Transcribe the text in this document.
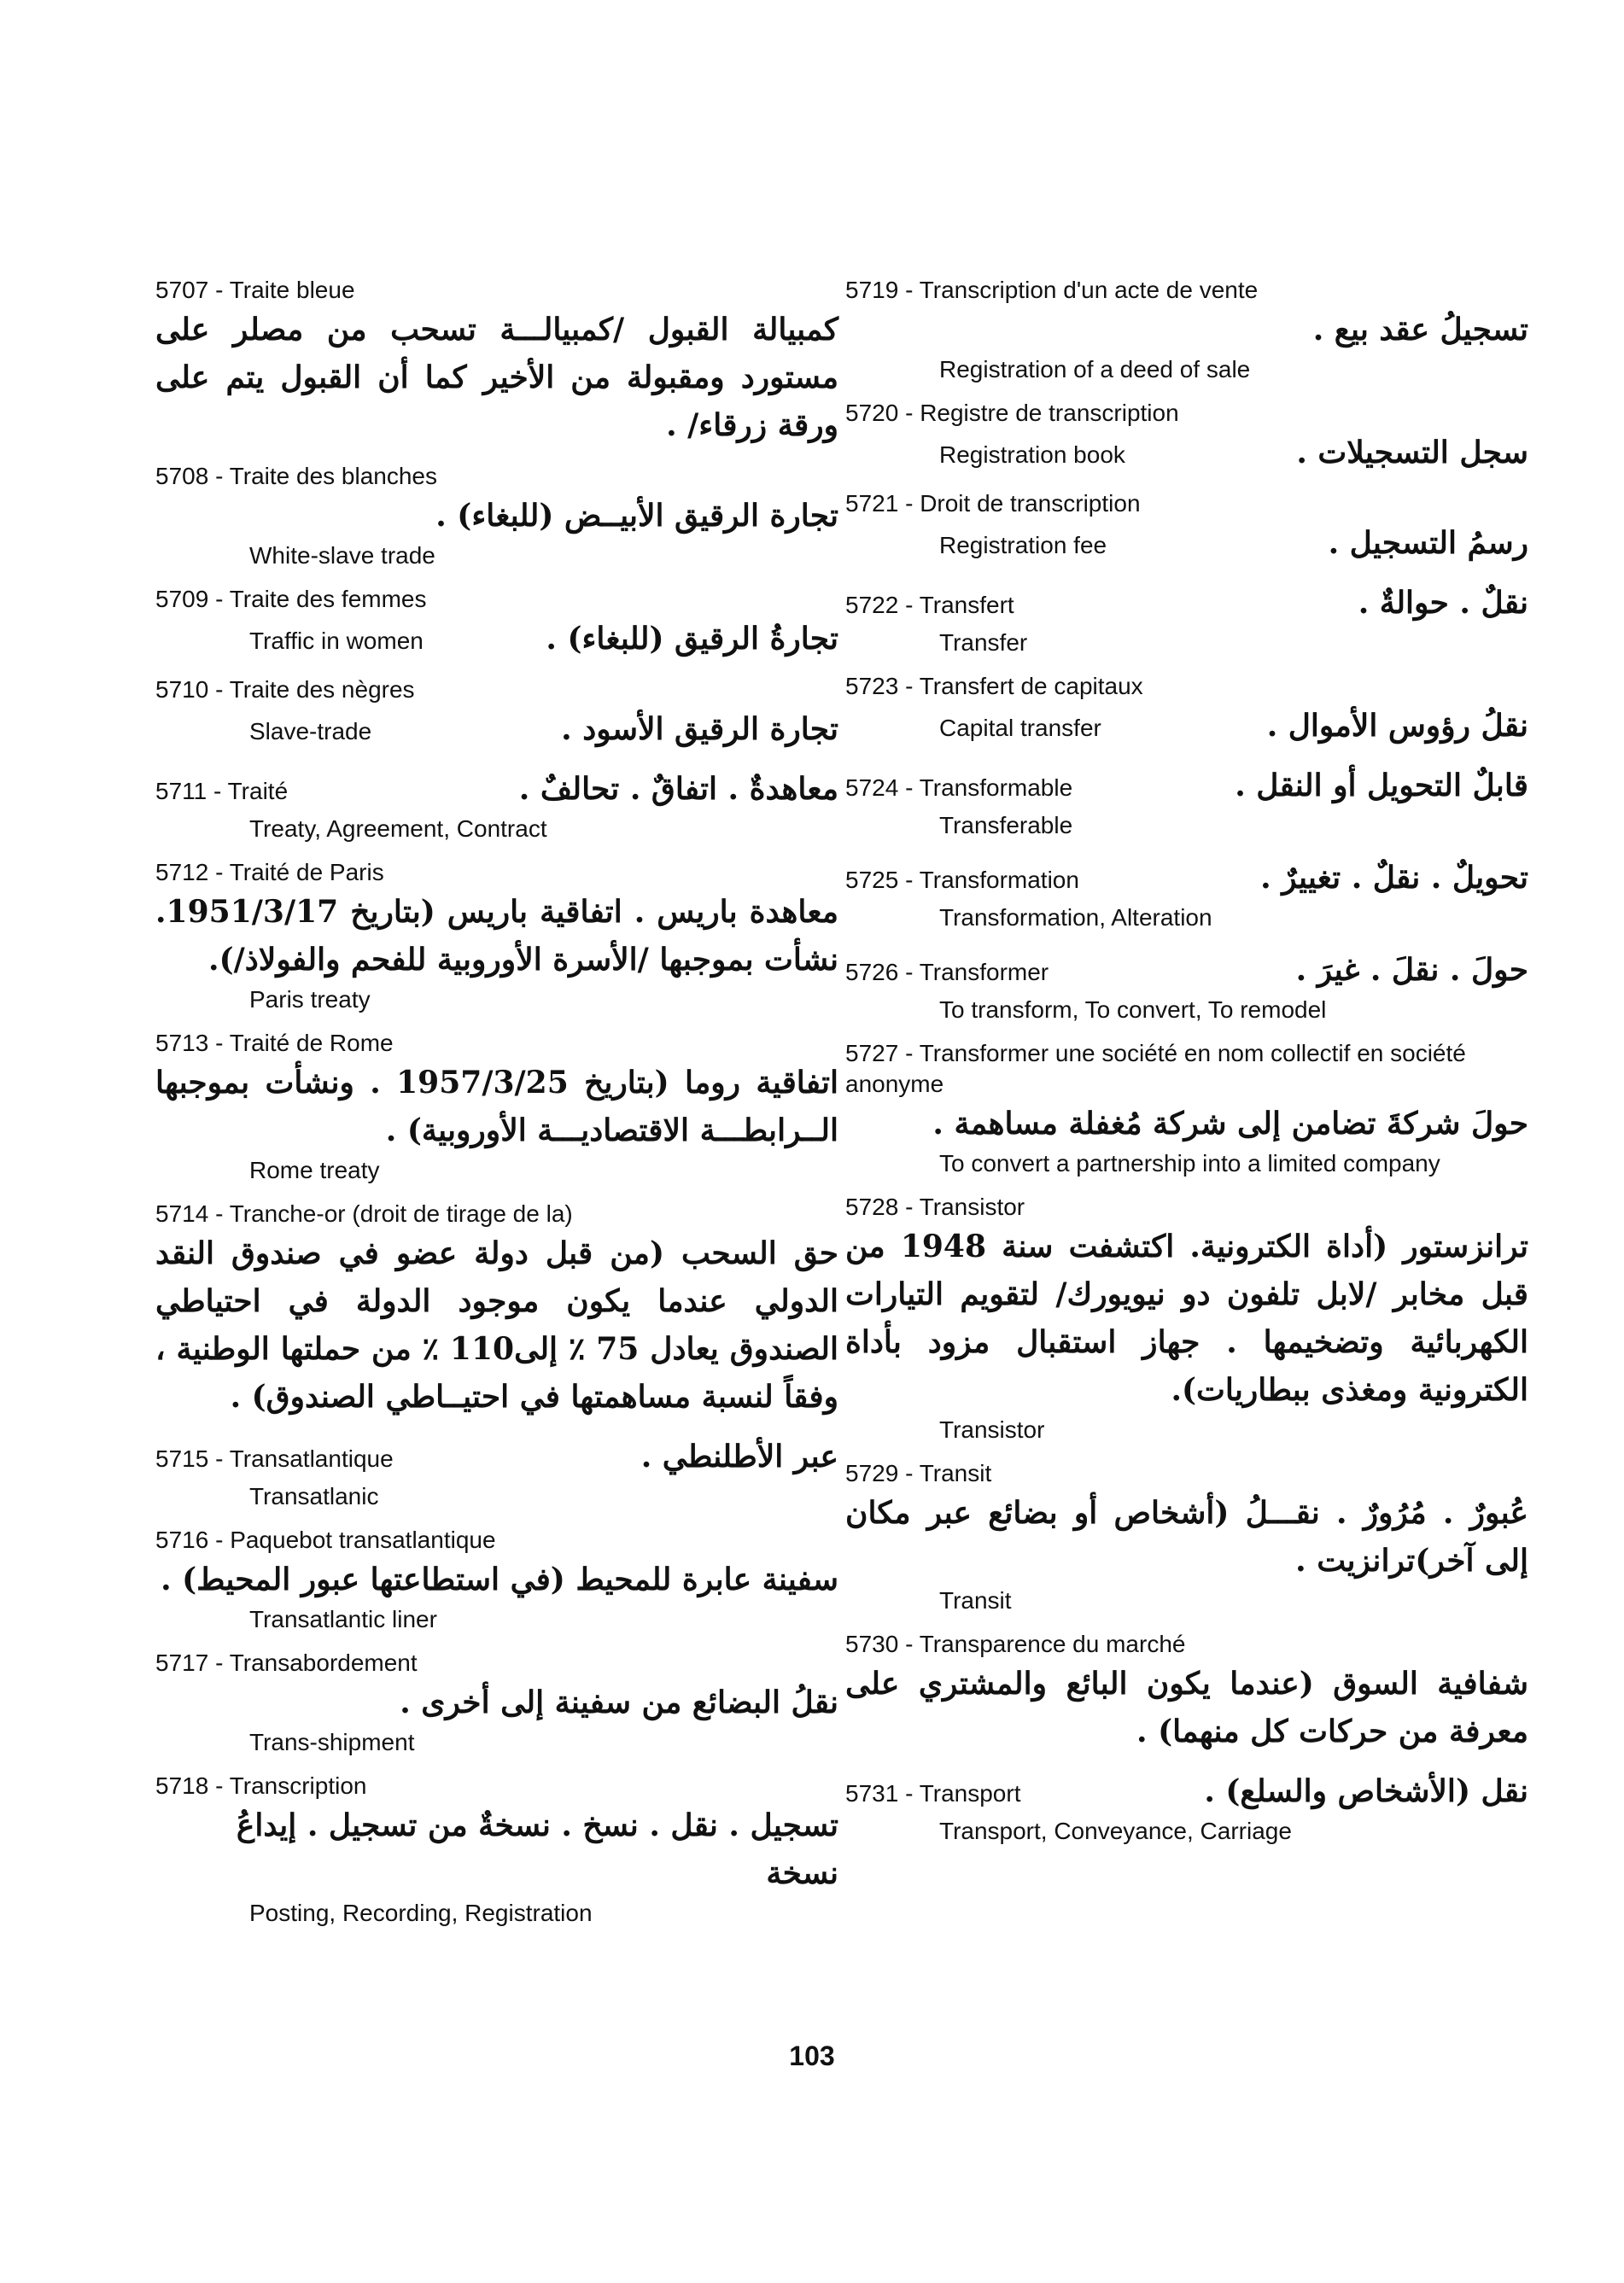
5707 - Traite bleue
كمبيالة القبول /كمبيالـــة تسحب من مصلر على مستورد ومقبولة من الأخير كما أن القبول يتم على ورقة زرقاء/ .
5708 - Traite des blanches
تجارة الرقيق الأبيــض (للبغاء) .
White-slave trade
5709 - Traite des femmes
Traffic in women	تجارةُ الرقيق (للبغاء) .
5710 - Traite des nègres
Slave-trade	تجارة الرقيق الأسود .
5711 - Traité	معاهدةٌ . اتفاقٌ . تحالفٌ .
Treaty, Agreement, Contract
5712 - Traité de Paris
معاهدة باريس . اتفاقية باريس (بتاريخ 1951/3/17. نشأت بموجبها /الأسرة الأوروبية للفحم والفولاذ/).
Paris treaty
5713 - Traité de Rome
اتفاقية روما (بتاريخ 1957/3/25 . ونشأت بموجبها الــرابطـــة الاقتصاديـــة الأوروبية) .
Rome treaty
5714 - Tranche-or (droit de tirage de la)
حق السحب (من قبل دولة عضو في صندوق النقد الدولي عندما يكون موجود الدولة في احتياطي الصندوق يعادل 75 ٪ إلى110 ٪ من حملتها الوطنية ، وفقاً لنسبة مساهمتها في احتيــاطي الصندوق) .
5715 - Transatlantique	عبر الأطلنطي .
Transatlanic
5716 - Paquebot transatlantique
سفينة عابرة للمحيط (في استطاعتها عبور المحيط) .
Transatlantic liner
5717 - Transabordement
نقلُ البضائع من سفينة إلى أخرى .
Trans-shipment
5718 - Transcription
تسجيل . نقل . نسخ . نسخةٌ من تسجيل . إيداعُ نسخة
Posting, Recording, Registration
5719 - Transcription d'un acte de vente
تسجيلُ عقد بيع .
Registration of a deed of sale
5720 - Registre de transcription
Registration book	سجل التسجيلات .
5721 - Droit de transcription
Registration fee	رسمُ التسجيل .
5722 - Transfert	نقلٌ . حوالةٌ .
Transfer
5723 - Transfert de capitaux
Capital transfer	نقلُ رؤوس الأموال .
5724 - Transformable	قابلٌ التحويل أو النقل .
Transferable
5725 - Transformation	تحويلٌ . نقلٌ . تغييرٌ .
Transformation, Alteration
5726 - Transformer	حولَ . نقلَ . غيرَ .
To transform, To convert, To remodel
5727 - Transformer une société en nom collectif en société anonyme
حولَ شركةَ تضامن إلى شركة مُغفلة مساهمة .
To convert a partnership into a limited company
5728 - Transistor
ترانزستور (أداة الكترونية. اكتشفت سنة 1948 من قبل مخابر /لابل تلفون دو نيويورك/ لتقويم التيارات الكهربائية وتضخيمها . جهاز استقبال مزود بأداة الكترونية ومغذى ببطاريات).
Transistor
5729 - Transit
عُبورٌ . مُرُورٌ . نقـــلُ (أشخاص أو بضائع عبر مكان إلى آخر)ترانزيت .
Transit
5730 - Transparence du marché
شفافية السوق (عندما يكون البائع والمشتري على معرفة من حركات كل منهما) .
5731 - Transport	نقل (الأشخاص والسلع) .
Transport, Conveyance, Carriage
103
